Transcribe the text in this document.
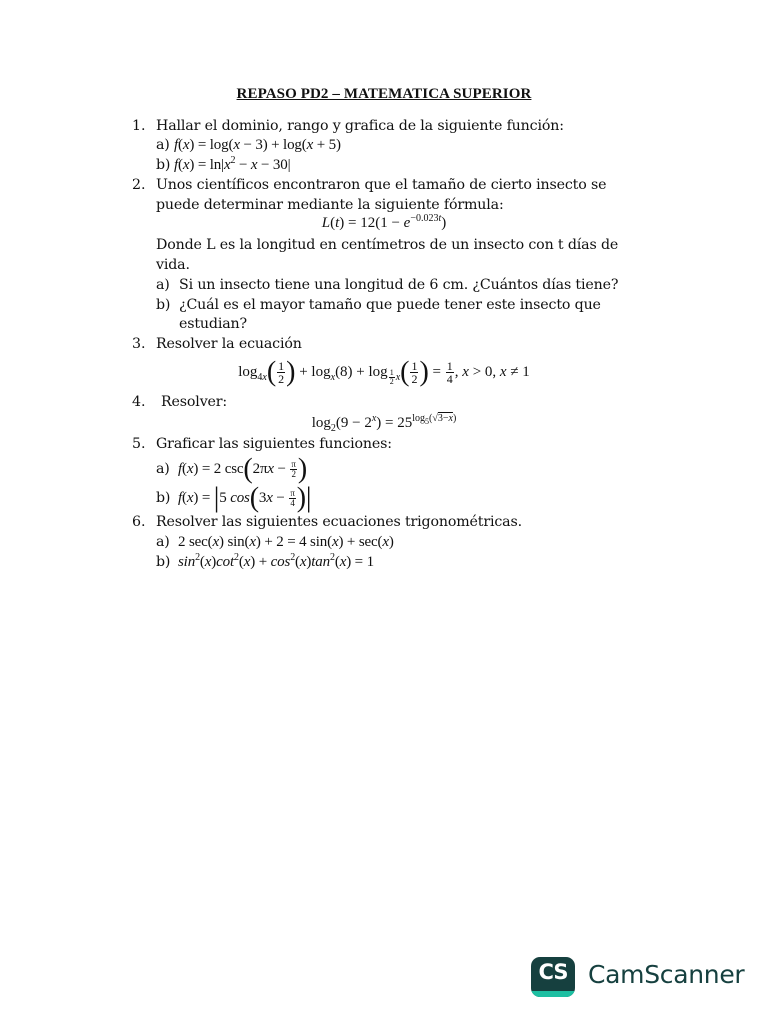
REPASO PD2 – MATEMATICA SUPERIOR
1. Hallar el dominio, rango y grafica de la siguiente función:
a) f(x) = log(x − 3) + log(x + 5)
b) $f(x) = \ln|x^2 - x - 30|$
2. Unos científicos encontraron que el tamaño de cierto insecto se
puede determinar mediante la siguiente fórmula:
$L(t) = 12(1 - e^{-0.023t})$
Donde L es la longitud en centímetros de un insecto con t días de
vida.
a) Si un insecto tiene una longitud de 6 cm. ¿Cuántos días tiene?
b) ¿Cuál es el mayor tamaño que puede tener este insecto que
estudian?
3. Resolver la ecuación
$\log_{4x}( \frac{1}{2}$ ) + $\log_x(8) + \log _{\frac{1}{2} x}( \frac{1}{2}$ ) = $\frac{1}{4}$ , x > 0, x ≠ 1
4. Resolver:
$\log_2(9 - 2^x) = 25^{log_5(√3-x)}$
5. Graficar las siguientes funciones:
a) f(x) = 2 $\csc(2\pi x - \frac{\pi}{2}$ )
b) f(x) = |5 $\cos(3x - \frac{\pi}{4}$ )|
6. Resolver las siguientes ecuaciones trigonométricas.
a) 2 sec(x) sin(x) + 2 = 4 sin(x) + sec(x)
b) $\sin^2(x)\cot^2(x) + \cos^2(x)\tan^2(x) = 1$
CS CamScanner
